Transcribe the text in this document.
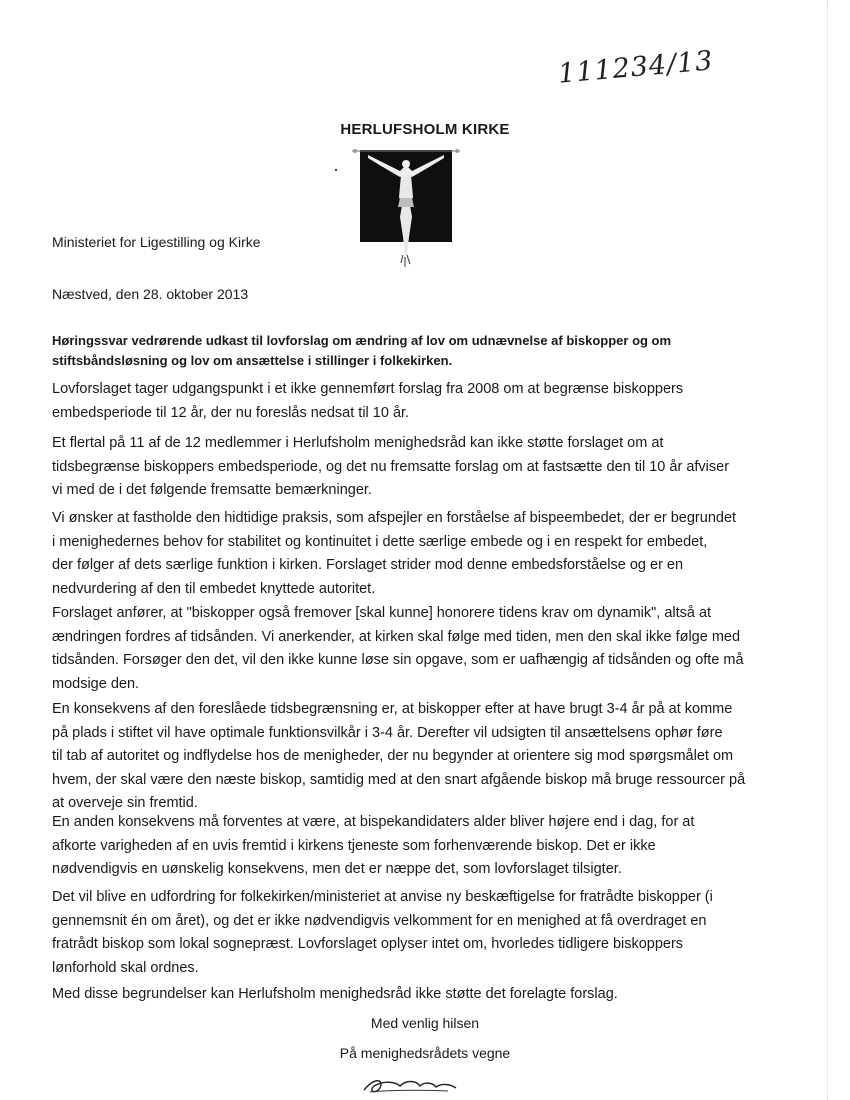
111234/13
HERLUFSHOLM KIRKE
Ministeriet for Ligestilling og Kirke
Næstved, den 28. oktober 2013
Høringssvar vedrørende udkast til lovforslag om ændring af lov om udnævnelse af biskopper og om stiftsbåndsløsning og lov om ansættelse i stillinger i folkekirken.

Lovforslaget tager udgangspunkt i et ikke gennemført forslag fra 2008 om at begrænse biskoppers

embedsperiode til 12 år, der nu foreslås nedsat til 10 år.

Et flertal på 11 af de 12 medlemmer i Herlufsholm menighedsråd kan ikke støtte forslaget om at

tidsbegrænse biskoppers embedsperiode, og det nu fremsatte forslag om at fastsætte den til 10 år afviser

vi med de i det følgende fremsatte bemærkninger.

Vi ønsker at fastholde den hidtidige praksis, som afspejler en forståelse af bispeembedet, der er begrundet

i menighedernes behov for stabilitet og kontinuitet i dette særlige embede og i en respekt for embedet,

der følger af dets særlige funktion i kirken. Forslaget strider mod denne embedsforståelse og er en

nedvurdering af den til embedet knyttede autoritet.

Forslaget anfører, at "biskopper også fremover [skal kunne] honorere tidens krav om dynamik", altså at

ændringen fordres af tidsånden. Vi anerkender, at kirken skal følge med tiden, men den skal ikke følge med

tidsånden. Forsøger den det, vil den ikke kunne løse sin opgave, som er uafhængig af tidsånden og ofte må

modsige den.

En konsekvens af den foreslåede tidsbegrænsning er, at biskopper efter at have brugt 3-4 år på at komme

på plads i stiftet vil have optimale funktionsvilkår i 3-4 år. Derefter vil udsigten til ansættelsens ophør føre

til tab af autoritet og indflydelse hos de menigheder, der nu begynder at orientere sig mod spørgsmålet om

hvem, der skal være den næste biskop, samtidig med at den snart afgående biskop må bruge ressourcer på

at overveje sin fremtid.

En anden konsekvens må forventes at være, at bispekandidaters alder bliver højere end i dag, for at

afkorte varigheden af en uvis fremtid i kirkens tjeneste som forhenværende biskop. Det er ikke

nødvendigvis en uønskelig konsekvens, men det er næppe det, som lovforslaget tilsigter.

Det vil blive en udfordring for folkekirken/ministeriet at anvise ny beskæftigelse for fratrådte biskopper (i

gennemsnit én om året), og det er ikke nødvendigvis velkomment for en menighed at få overdraget en

fratrådt biskop som lokal sognepræst. Lovforslaget oplyser intet om, hvorledes tidligere biskoppers

lønforhold skal ordnes.

Med disse begrundelser kan Herlufsholm menighedsråd ikke støtte det forelagte forslag.

Med venlig hilsen
På menighedsrådets vegne
